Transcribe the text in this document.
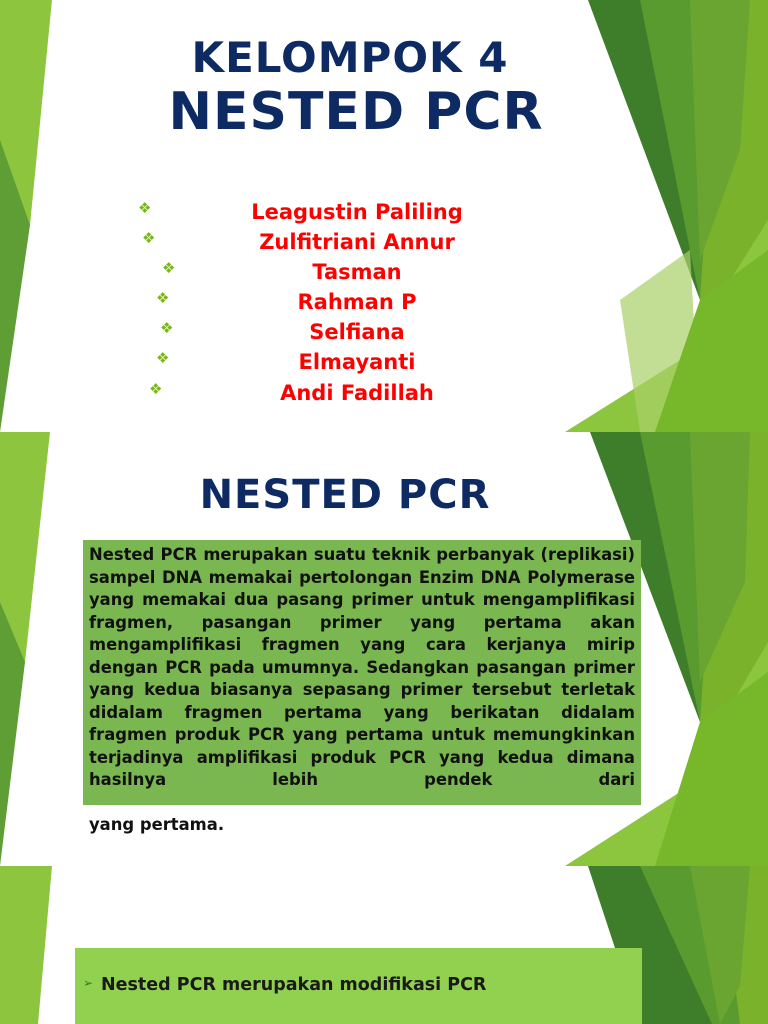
KELOMPOK 4
NESTED PCR
❖	Leagustin Paliling
❖	Zulfitriani Annur
❖	Tasman
❖	Rahman P
❖	Selfiana
❖	Elmayanti
❖	Andi Fadillah
NESTED PCR
Nested PCR merupakan suatu teknik perbanyak (replikasi) sampel DNA memakai pertolongan Enzim DNA Polymerase yang memakai dua pasang primer untuk mengamplifikasi fragmen, pasangan primer yang pertama akan mengamplifikasi fragmen yang cara kerjanya mirip dengan PCR pada umumnya. Sedangkan pasangan primer yang kedua biasanya sepasang primer tersebut terletak didalam fragmen pertama yang berikatan didalam fragmen produk PCR yang pertama untuk memungkinkan terjadinya amplifikasi produk PCR yang kedua dimana hasilnya lebih pendek dari
yang pertama.
➢ Nested PCR merupakan modifikasi PCR
